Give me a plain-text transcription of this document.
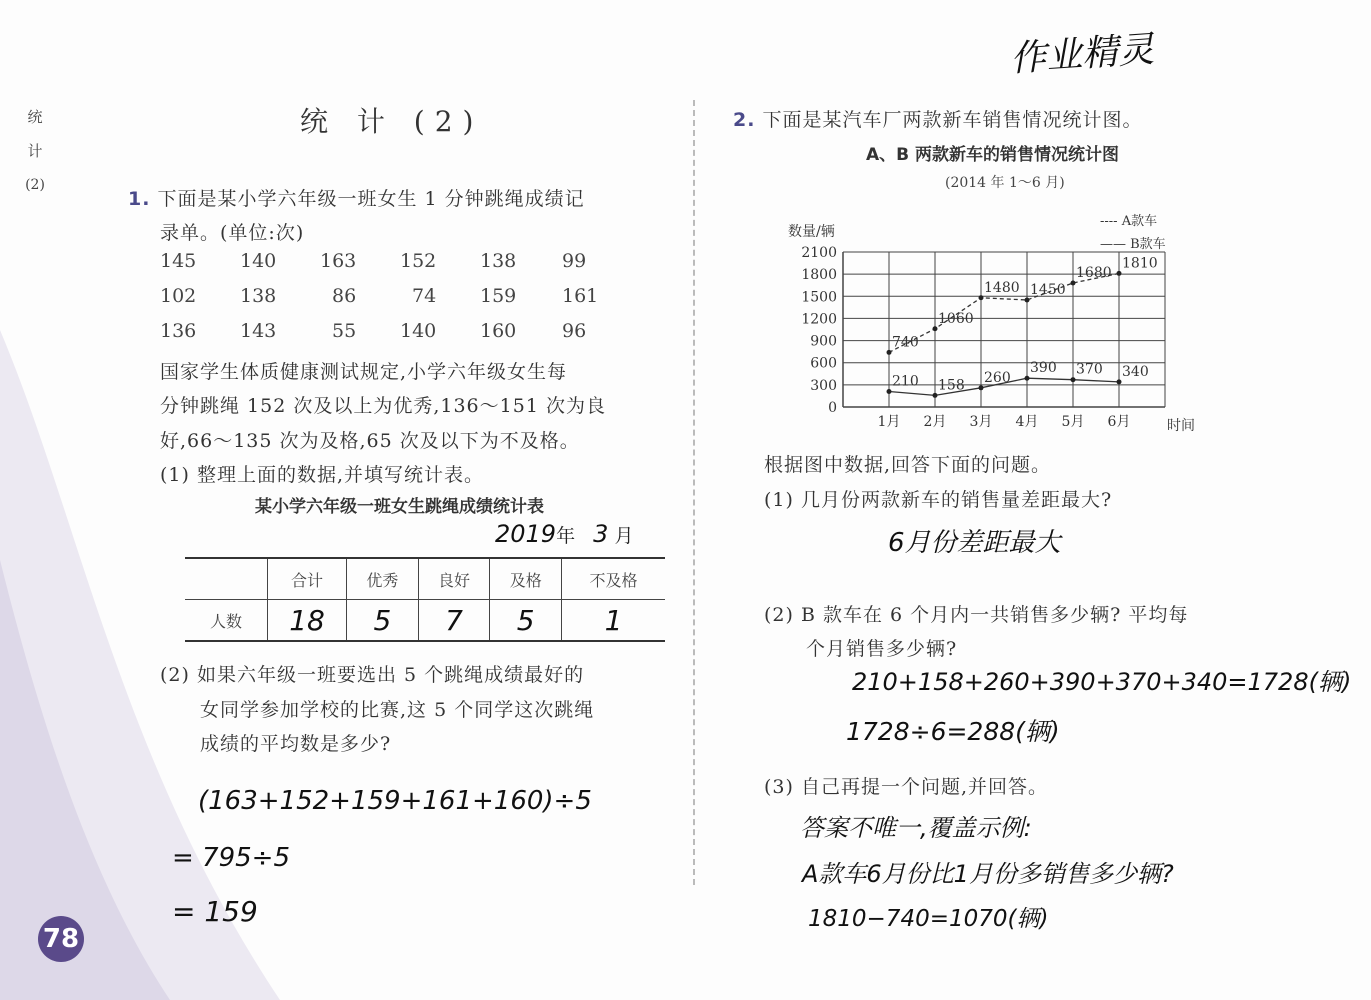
统
计
(2)
作业精灵
统 计 (2)
1. 下面是某小学六年级一班女生 1 分钟跳绳成绩记
录单。(单位:次)
145 140 163 152 138 99
102 138	86	74 159 161
136 143	55 140 160 96
国家学生体质健康测试规定,小学六年级女生每
分钟跳绳 152 次及以上为优秀,136～151 次为良
好,66～135 次为及格,65 次及以下为不及格。
(1) 整理上面的数据,并填写统计表。
某小学六年级一班女生跳绳成绩统计表
2019年 3 月
	合计	优秀	良好	及格	不及格
人数	18	5	7	5	1
(2) 如果六年级一班要选出 5 个跳绳成绩最好的
女同学参加学校的比赛,这 5 个同学这次跳绳
成绩的平均数是多少?
(163+152+159+161+160)÷5
= 795÷5
= 159
78
2. 下面是某汽车厂两款新车销售情况统计图。
A、B 两款新车的销售情况统计图
(2014 年 1～6 月)
0
300
600
900
1200
1500
1800
2100
1月 2月 3月 4月 5月 6月	时间
数量/辆
---- A款车
—— B款车
740
1060
1480 1450
1680
1810
210 158 260
390 370 340
根据图中数据,回答下面的问题。
(1) 几月份两款新车的销售量差距最大?
6月份差距最大
(2) B 款车在 6 个月内一共销售多少辆? 平均每
个月销售多少辆?
210+158+260+390+370+340=1728(辆)
1728÷6=288(辆)
(3) 自己再提一个问题,并回答。
答案不唯一,覆盖示例:
A款车6月份比1月份多销售多少辆?
1810−740=1070(辆)
